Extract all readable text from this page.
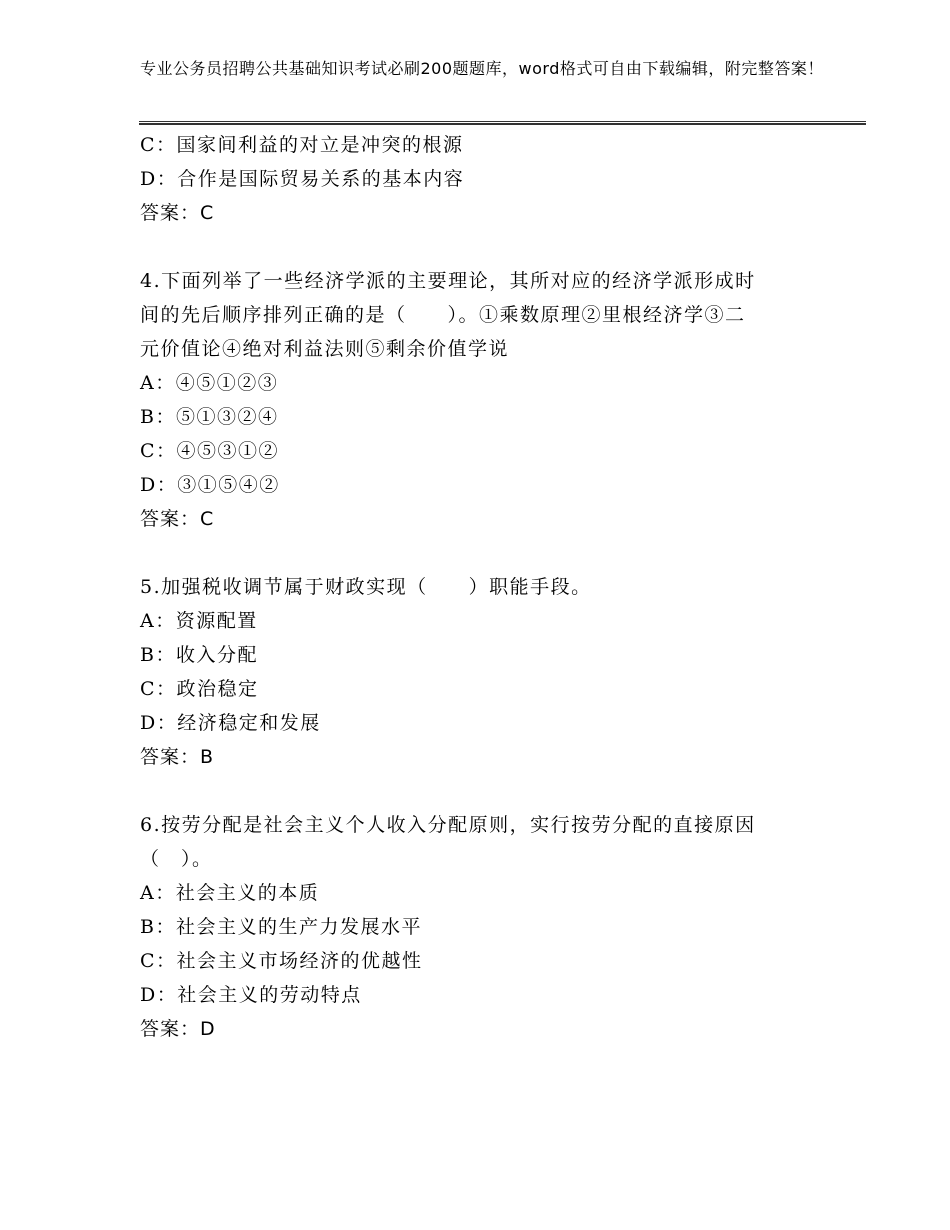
专业公务员招聘公共基础知识考试必刷200题题库，word格式可自由下载编辑，附完整答案！
C：国家间利益的对立是冲突的根源
D：合作是国际贸易关系的基本内容
答案：C
4.下面列举了一些经济学派的主要理论，其所对应的经济学派形成时
间的先后顺序排列正确的是（　　）。①乘数原理②里根经济学③二
元价值论④绝对利益法则⑤剩余价值学说
A：④⑤①②③
B：⑤①③②④
C：④⑤③①②
D：③①⑤④②
答案：C
5.加强税收调节属于财政实现（　　）职能手段。
A：资源配置
B：收入分配
C：政治稳定
D：经济稳定和发展
答案：B
6.按劳分配是社会主义个人收入分配原则，实行按劳分配的直接原因
（　）。
A：社会主义的本质
B：社会主义的生产力发展水平
C：社会主义市场经济的优越性
D：社会主义的劳动特点
答案：D
